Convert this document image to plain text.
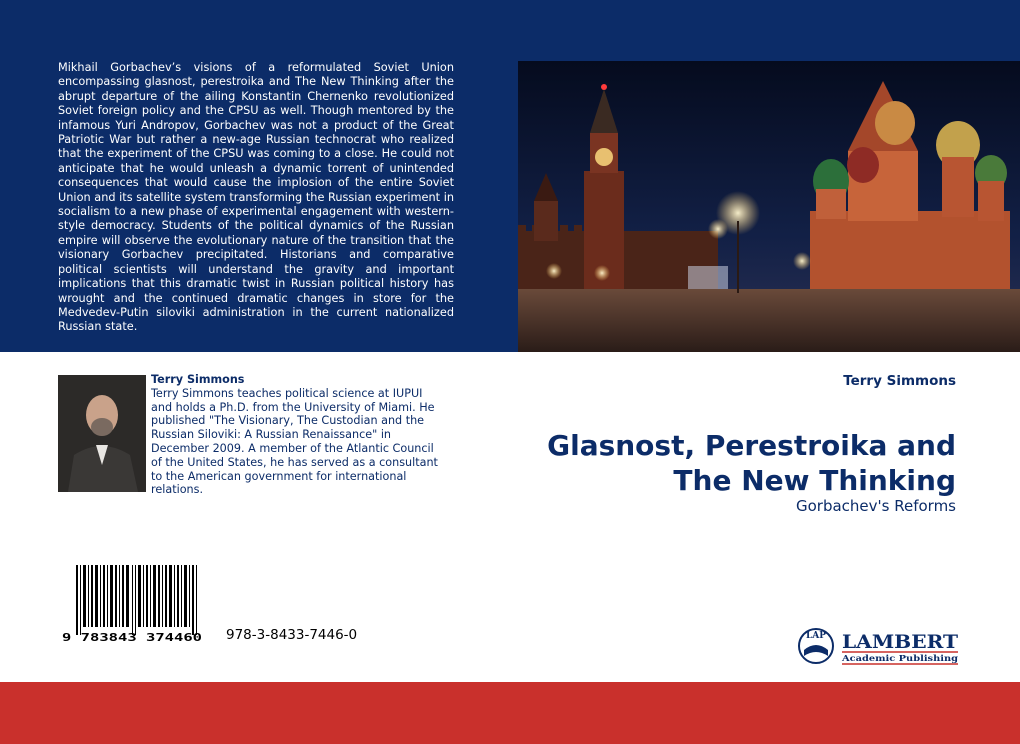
Mikhail Gorbachev’s visions of a reformulated Soviet Union encompassing glasnost, perestroika and The New Thinking after the abrupt departure of the ailing Konstantin Chernenko revolutionized Soviet foreign policy and the CPSU as well. Though mentored by the infamous Yuri Andropov, Gorbachev was not a product of the Great Patriotic War but rather a new-age Russian technocrat who realized that the experiment of the CPSU was coming to a close. He could not anticipate that he would unleash a dynamic torrent of unintended consequences that would cause the implosion of the entire Soviet Union and its satellite system transforming the Russian experiment in socialism to a new phase of experimental engagement with western-style democracy. Students of the political dynamics of the Russian empire will observe the evolutionary nature of the transition that the visionary Gorbachev precipitated. Historians and comparative political scientists will understand the gravity and important implications that this dramatic twist in Russian political history has wrought and the continued dramatic changes in store for the Medvedev-Putin siloviki administration in the current nationalized Russian state.

Terry Simmons
Terry Simmons teaches political science at IUPUI and holds a Ph.D. from the University of Miami. He published "The Visionary, The Custodian and the Russian Siloviki: A Russian Renaissance" in December 2009. A member of the Atlantic Council of the United States, he has served as a consultant to the American government for international relations.
Terry Simmons
Glasnost, Perestroika and The New Thinking
Gorbachev's Reforms
9 783843 374460 978-3-8433-7446-0	LAP LAMBERT
Academic Publishing
